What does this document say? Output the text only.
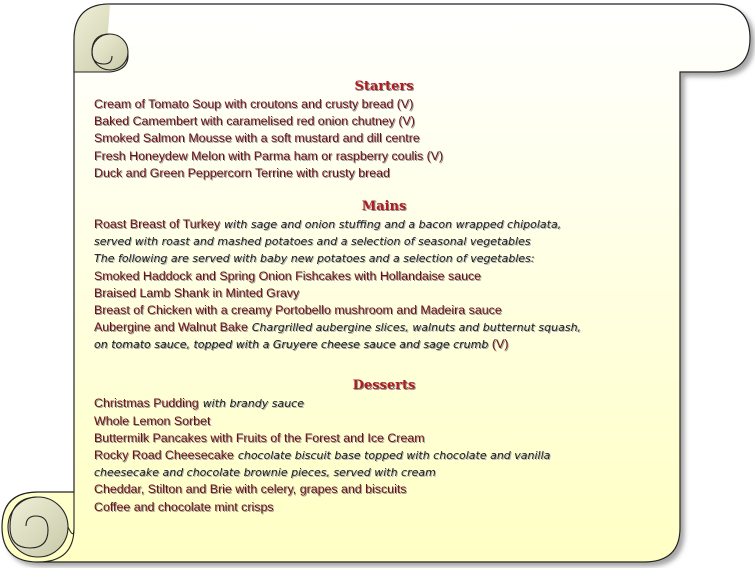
Starters
Cream of Tomato Soup with croutons and crusty bread (V)
Baked Camembert with caramelised red onion chutney (V)
Smoked Salmon Mousse with a soft mustard and dill centre
Fresh Honeydew Melon with Parma ham or raspberry coulis (V)
Duck and Green Peppercorn Terrine with crusty bread
Mains
Roast Breast of Turkey with sage and onion stuffing and a bacon wrapped chipolata,
served with roast and mashed potatoes and a selection of seasonal vegetables
The following are served with baby new potatoes and a selection of vegetables:
Smoked Haddock and Spring Onion Fishcakes with Hollandaise sauce
Braised Lamb Shank in Minted Gravy
Breast of Chicken with a creamy Portobello mushroom and Madeira sauce
Aubergine and Walnut Bake Chargrilled aubergine slices, walnuts and butternut squash,
on tomato sauce, topped with a Gruyere cheese sauce and sage crumb (V)
Desserts
Christmas Pudding with brandy sauce
Whole Lemon Sorbet
Buttermilk Pancakes with Fruits of the Forest and Ice Cream
Rocky Road Cheesecake chocolate biscuit base topped with chocolate and vanilla
cheesecake and chocolate brownie pieces, served with cream
Cheddar, Stilton and Brie with celery, grapes and biscuits
Coffee and chocolate mint crisps
